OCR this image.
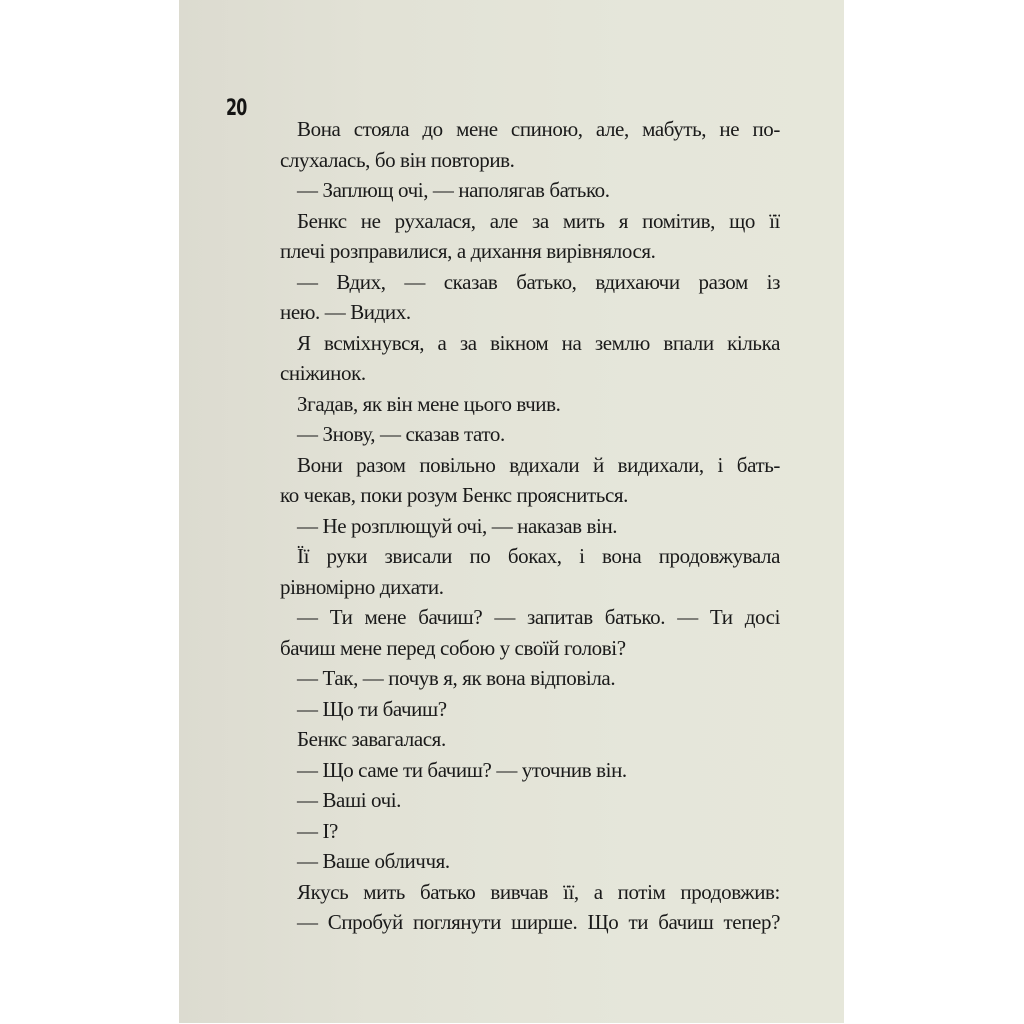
20
Вона стояла до мене спиною, але, мабуть, не по-
слухалась, бо він повторив.
— Заплющ очі, — наполягав батько.
Бенкс не рухалася, але за мить я помітив, що її
плечі розправилися, а дихання вирівнялося.
— Вдих, — сказав батько, вдихаючи разом із
нею. — Видих.
Я всміхнувся, а за вікном на землю впали кілька
сніжинок.
Згадав, як він мене цього вчив.
— Знову, — сказав тато.
Вони разом повільно вдихали й видихали, і бать-
ко чекав, поки розум Бенкс проясниться.
— Не розплющуй очі, — наказав він.
Її руки звисали по боках, і вона продовжувала
рівномірно дихати.
— Ти мене бачиш? — запитав батько. — Ти досі
бачиш мене перед собою у своїй голові?
— Так, — почув я, як вона відповіла.
— Що ти бачиш?
Бенкс завагалася.
— Що саме ти бачиш? — уточнив він.
— Ваші очі.
— І?
— Ваше обличчя.
Якусь мить батько вивчав її, а потім продовжив:
— Спробуй поглянути ширше. Що ти бачиш тепер?
